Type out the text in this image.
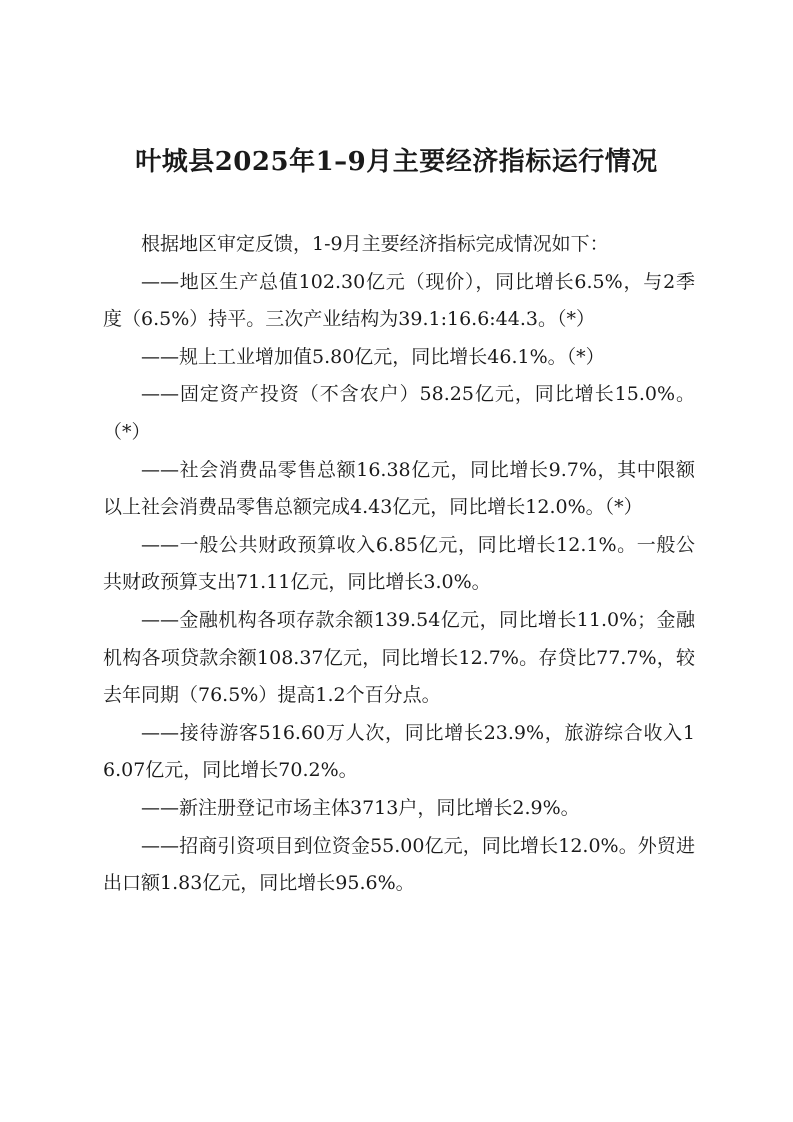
叶城县2025年1–9月主要经济指标运行情况

根据地区审定反馈，1-9月主要经济指标完成情况如下：

——地区生产总值102.30亿元（现价），同比增长6.5%，与2季度（6.5%）持平。三次产业结构为39.1:16.6:44.3。（*）

——规上工业增加值5.80亿元，同比增长46.1%。（*）

——固定资产投资（不含农户）58.25亿元，同比增长15.0%。（*）

——社会消费品零售总额16.38亿元，同比增长9.7%，其中限额以上社会消费品零售总额完成4.43亿元，同比增长12.0%。（*）

——一般公共财政预算收入6.85亿元，同比增长12.1%。一般公共财政预算支出71.11亿元，同比增长3.0%。

——金融机构各项存款余额139.54亿元，同比增长11.0%；金融机构各项贷款余额108.37亿元，同比增长12.7%。存贷比77.7%，较去年同期（76.5%）提高1.2个百分点。

——接待游客516.60万人次，同比增长23.9%，旅游综合收入16.07亿元，同比增长70.2%。

——新注册登记市场主体3713户，同比增长2.9%。

——招商引资项目到位资金55.00亿元，同比增长12.0%。外贸进出口额1.83亿元，同比增长95.6%。
